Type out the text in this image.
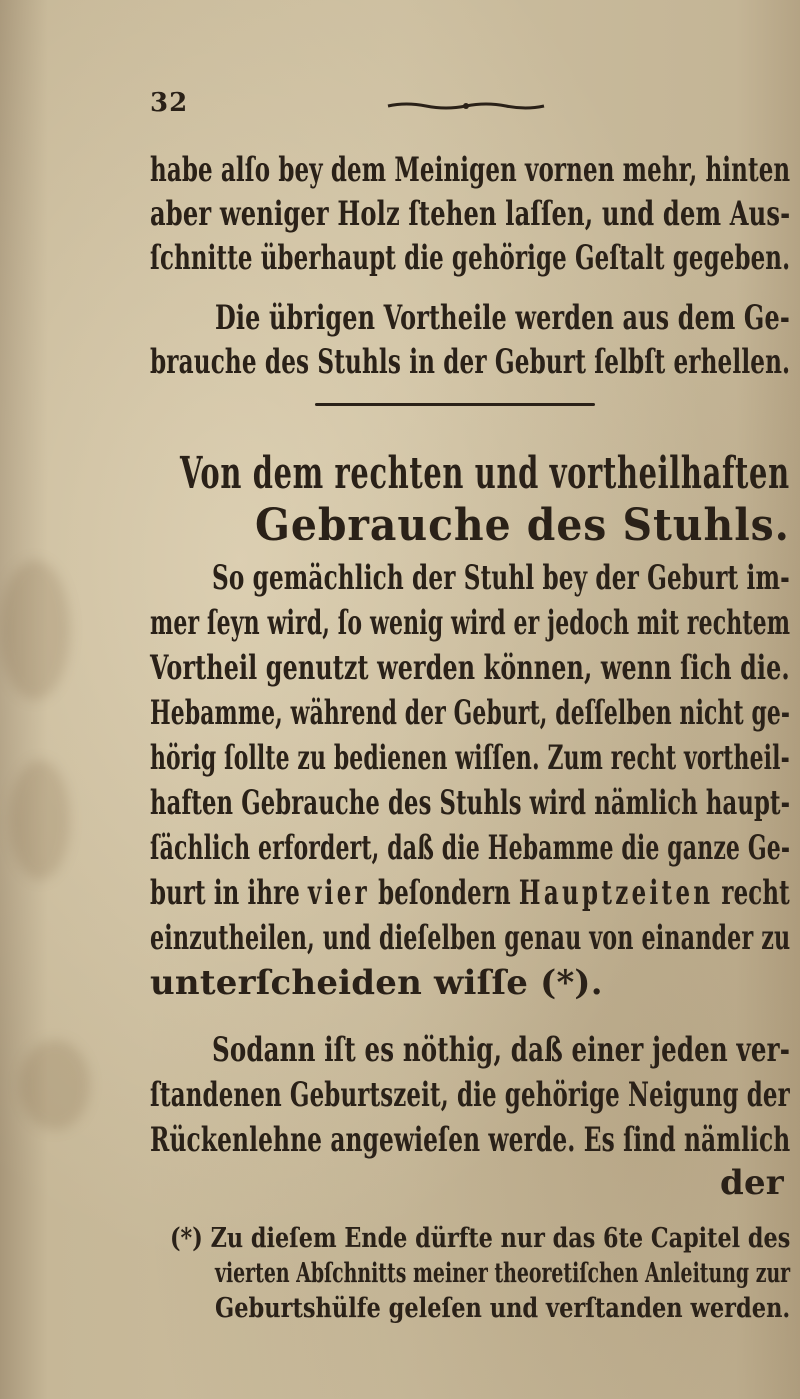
32
habe alſo bey dem Meinigen vornen mehr, hinten
aber weniger Holz ſtehen laſſen, und dem Aus-
ſchnitte überhaupt die gehörige Geſtalt gegeben.
Die übrigen Vortheile werden aus dem Ge-
brauche des Stuhls in der Geburt ſelbſt erhellen.
Von dem rechten und vortheilhaften
Gebrauche des Stuhls.
So gemächlich der Stuhl bey der Geburt im-
mer ſeyn wird, ſo wenig wird er jedoch mit rechtem
Vortheil genutzt werden können, wenn ſich die.
Hebamme, während der Geburt, deſſelben nicht ge-
hörig ſollte zu bedienen wiſſen. Zum recht vortheil-
haften Gebrauche des Stuhls wird nämlich haupt-
ſächlich erfordert, daß die Hebamme die ganze Ge-
burt in ihre vier beſondern Hauptzeiten recht
einzutheilen, und dieſelben genau von einander zu
unterſcheiden wiſſe (*).
Sodann iſt es nöthig, daß einer jeden ver-
ſtandenen Geburtszeit, die gehörige Neigung der
Rückenlehne angewieſen werde. Es ſind nämlich
der
(*) Zu dieſem Ende dürfte nur das 6te Capitel des
vierten Abſchnitts meiner theoretiſchen Anleitung zur
Geburtshülfe geleſen und verſtanden werden.
